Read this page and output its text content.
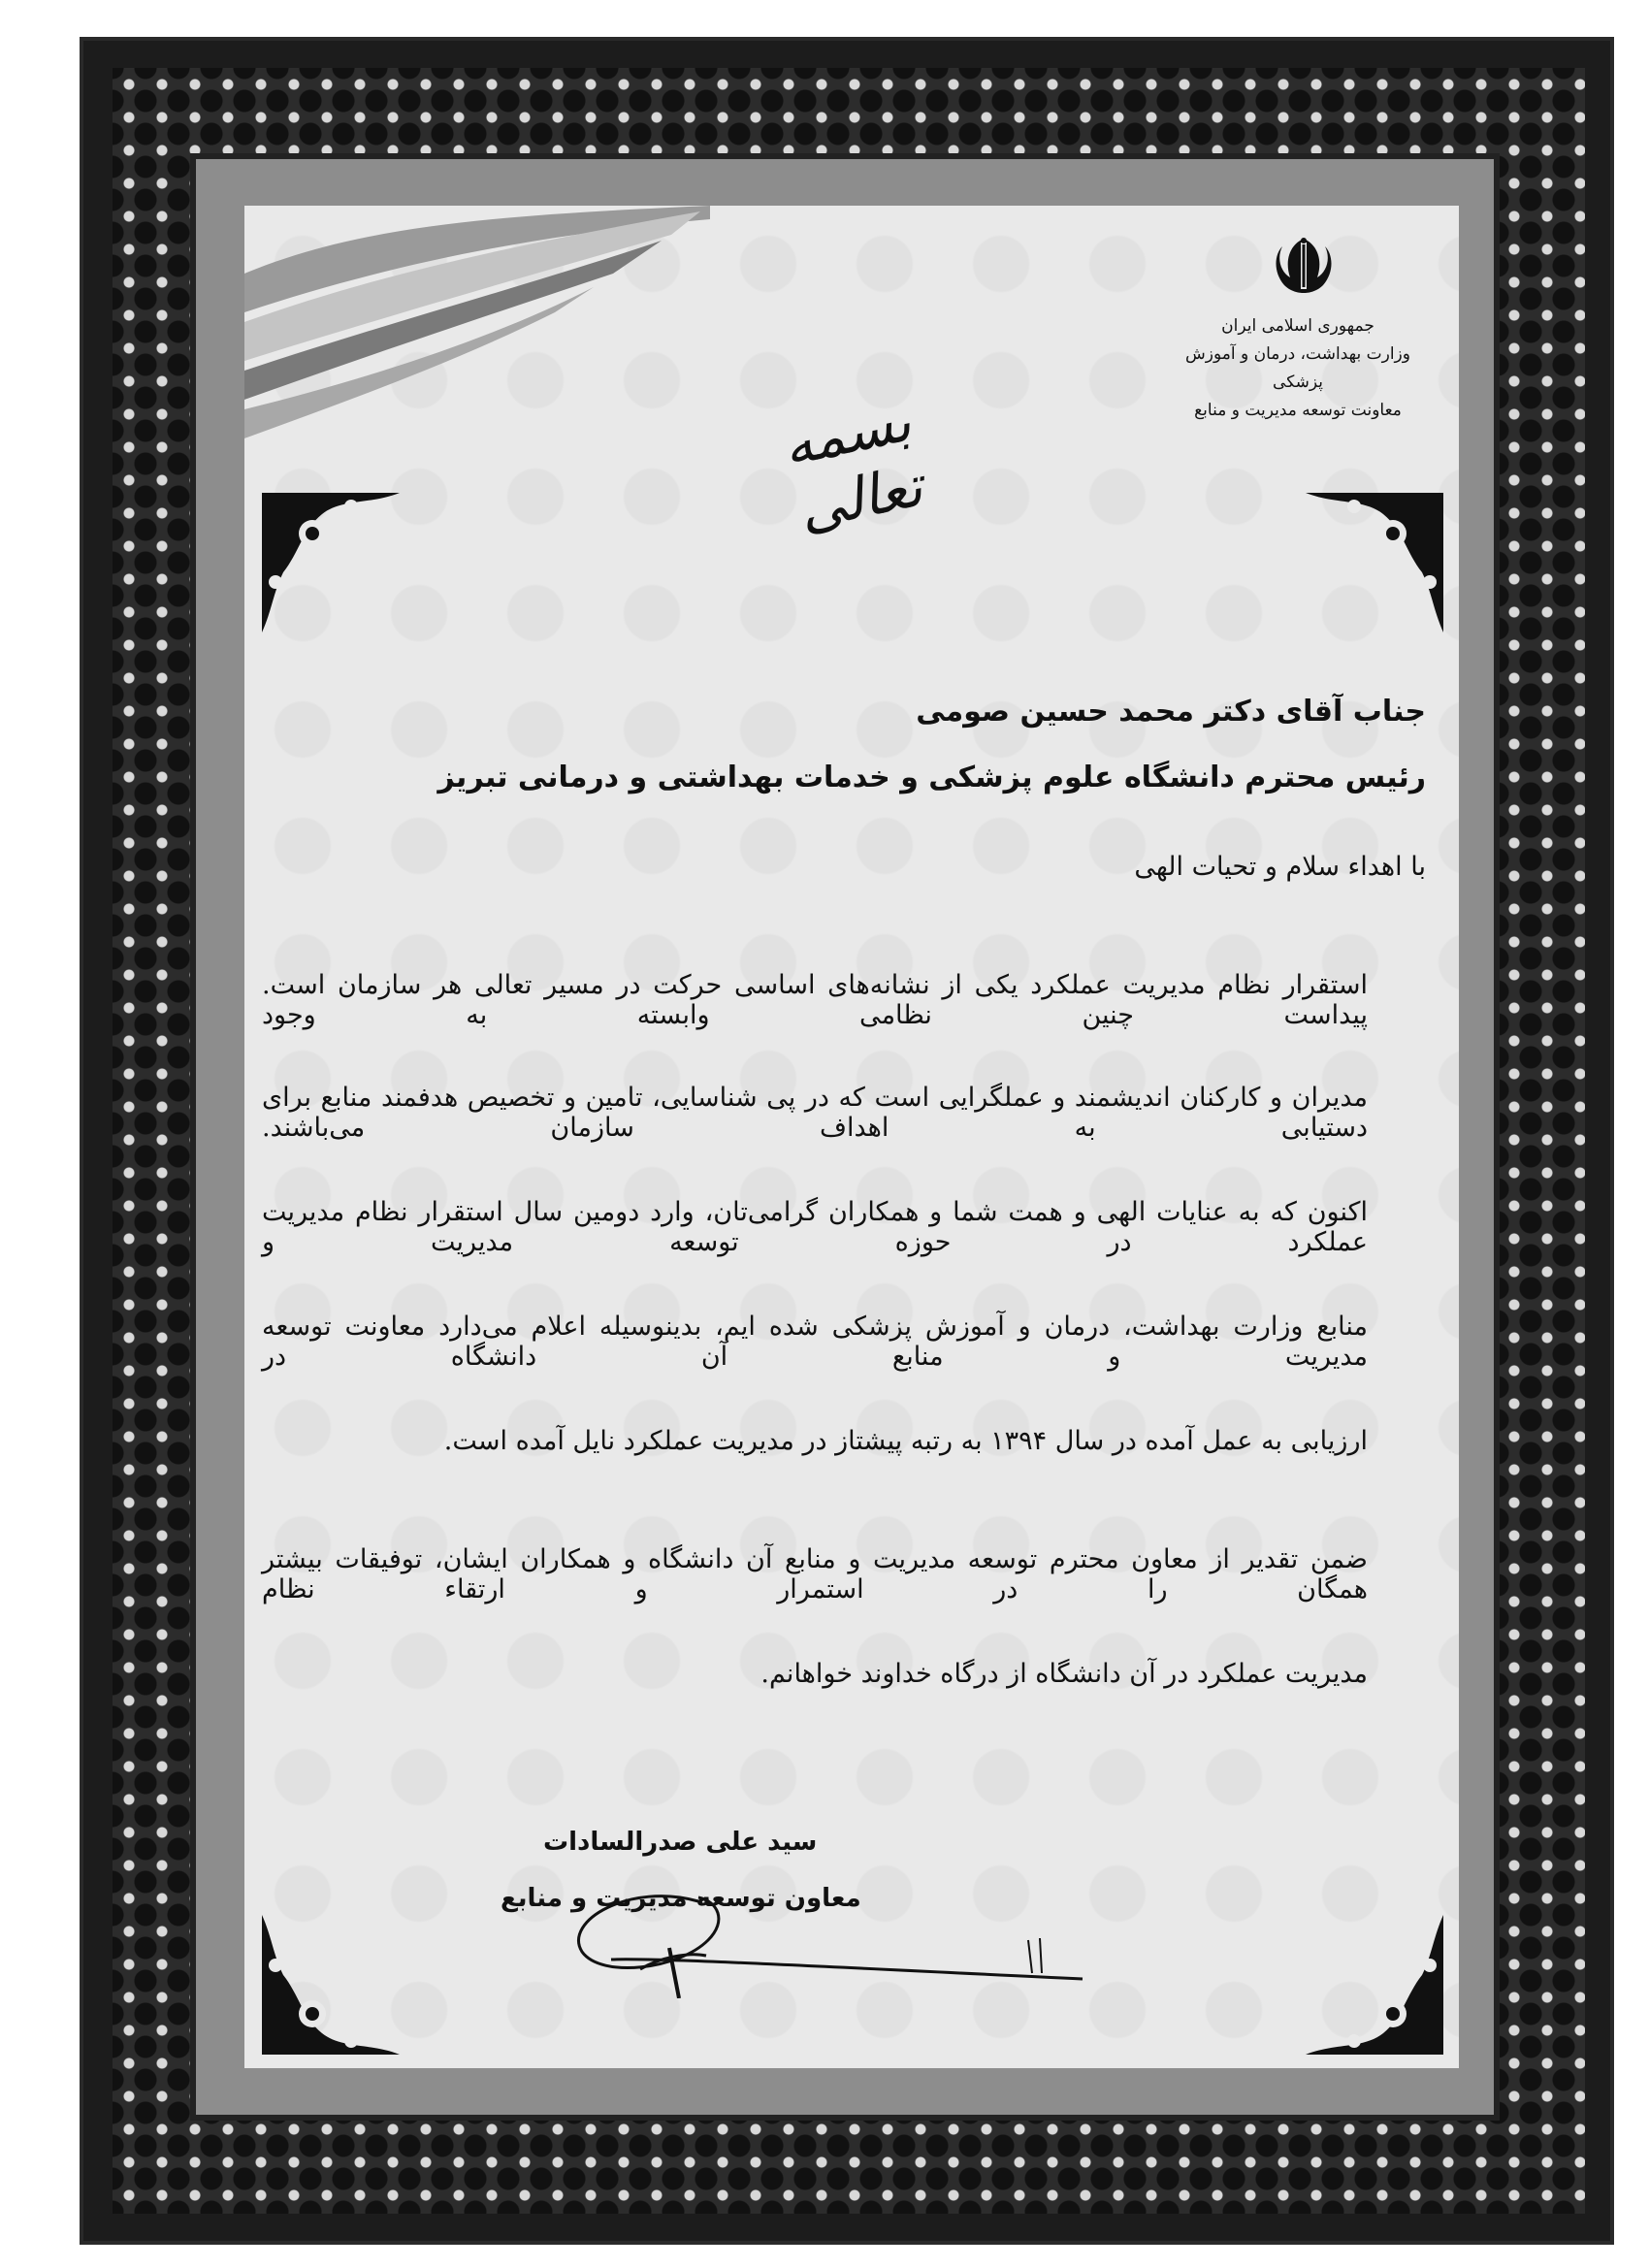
جمهوری اسلامی ایران
وزارت بهداشت، درمان و آموزش پزشکی
معاونت توسعه مدیریت و منابع
بسمه تعالی
جناب آقای دکتر محمد حسین صومی
رئیس محترم دانشگاه علوم پزشکی و خدمات بهداشتی و درمانی تبریز
با اهداء سلام و تحیات الهی
استقرار نظام مدیریت عملکرد یکی از نشانه‌های اساسی حرکت در مسیر تعالی هر سازمان است. پیداست چنین نظامی وابسته به وجود
مدیران و کارکنان اندیشمند و عملگرایی است که در پی شناسایی، تامین و تخصیص هدفمند منابع برای دستیابی به اهداف سازمان می‌باشند.
اکنون که به عنایات الهی و همت شما و همکاران گرامی‌تان، وارد دومین سال استقرار نظام مدیریت عملکرد در حوزه توسعه مدیریت و
منابع وزارت بهداشت، درمان و آموزش پزشکی شده ایم، بدینوسیله اعلام می‌دارد معاونت توسعه مدیریت و منابع آن دانشگاه در
ارزیابی به عمل آمده در سال ۱۳۹۴ به رتبه پیشتاز در مدیریت عملکرد نایل آمده است.
ضمن تقدیر از معاون محترم توسعه مدیریت و منابع آن دانشگاه و همکاران ایشان، توفیقات بیشتر همگان را در استمرار و ارتقاء نظام
مدیریت عملکرد در آن دانشگاه از درگاه خداوند خواهانم.
سید علی صدرالسادات
معاون توسعه مدیریت و منابع
